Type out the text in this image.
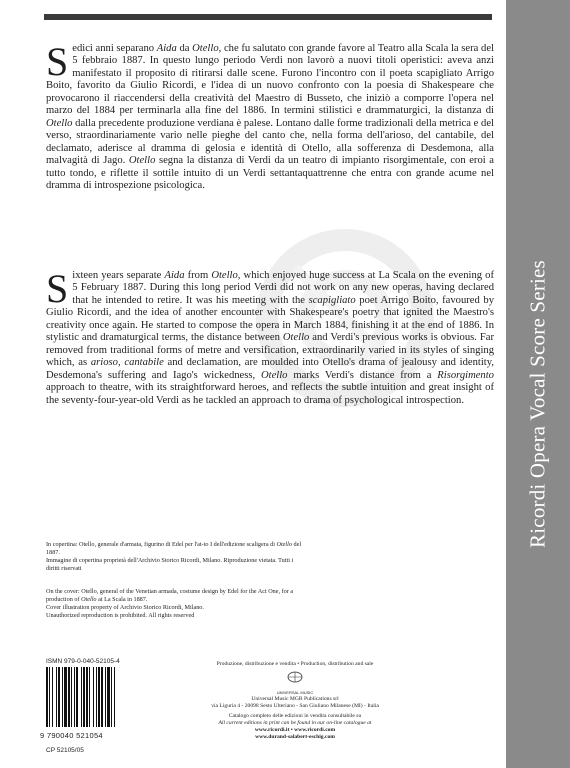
Ricordi Opera Vocal Score Series

Sedici anni separano Aida da Otello, che fu salutato con grande favore al Teatro alla Scala la sera del 5 febbraio 1887. In questo lungo periodo Verdi non lavorò a nuovi titoli operistici: aveva anzi manifestato il proposito di ritirarsi dalle scene. Furono l'incontro con il poeta scapigliato Arrigo Boito, favorito da Giulio Ricordi, e l'idea di un nuovo confronto con la poesia di Shakespeare che provocarono il riaccendersi della creatività del Maestro di Busseto, che iniziò a comporre l'opera nel marzo del 1884 per terminarla alla fine del 1886. In termini stilistici e drammaturgici, la distanza di Otello dalla precedente produzione verdiana è palese. Lontano dalle forme tradizionali della metrica e del verso, straordinariamente vario nelle pieghe del canto che, nella forma dell'arioso, del cantabile, del declamato, aderisce al dramma di gelosia e identità di Otello, alla sofferenza di Desdemona, alla malvagità di Jago. Otello segna la distanza di Verdi da un teatro di impianto risorgimentale, con eroi a tutto tondo, e riflette il sottile intuito di un Verdi settantaquattrenne che entra con grande acume nel dramma di introspezione psicologica.

Sixteen years separate Aida from Otello, which enjoyed huge success at La Scala on the evening of 5 February 1887. During this long period Verdi did not work on any new operas, having declared that he intended to retire. It was his meeting with the scapigliato poet Arrigo Boito, favoured by Giulio Ricordi, and the idea of another encounter with Shakespeare's poetry that ignited the Maestro's creativity once again. He started to compose the opera in March 1884, finishing it at the end of 1886. In stylistic and dramaturgical terms, the distance between Otello and Verdi's previous works is obvious. Far removed from traditional forms of metre and versification, extraordinarily varied in its styles of singing which, as arioso, cantabile and declamation, are moulded into Otello's drama of jealousy and identity, Desdemona's suffering and Iago's wickedness, Otello marks Verdi's distance from a Risorgimento approach to theatre, with its straightforward heroes, and reflects the subtle intuition and great insight of the seventy-four-year-old Verdi as he tackled an approach to drama of psychological introspection.

In copertina: Otello, generale d'armata, figurino di Edel per l'at-to I dell'edizione scaligera di Otello del 1887.
Immagine di copertina proprietà dell'Archivio Storico Ricordi, Milano. Riproduzione vietata. Tutti i diritti riservati
On the cover: Otello, general of the Venetian armada, costume design by Edel for the Act One, for a production of Otello at La Scala in 1887.
Cover illustration property of Archivio Storico Ricordi, Milano.
Unauthorized reproduction is prohibited. All rights reserved
ISMN 979-0-040-52105-4
9 790040 521054
CP 52105/05

Produzione, distribuzione e vendita • Production, distribution and sale

UNIVERSAL MUSIC

Universal Music MGB Publications srl

via Liguria 4 - 20098 Sesto Ulteriano - San Giuliano Milanese (MI) - Italia

Catalogo completo delle edizioni in vendita consultabile su

All current editions in print can be found in our on-line catalogue at

www.ricordi.it • www.ricordi.com

www.durand-salabert-eschig.com
